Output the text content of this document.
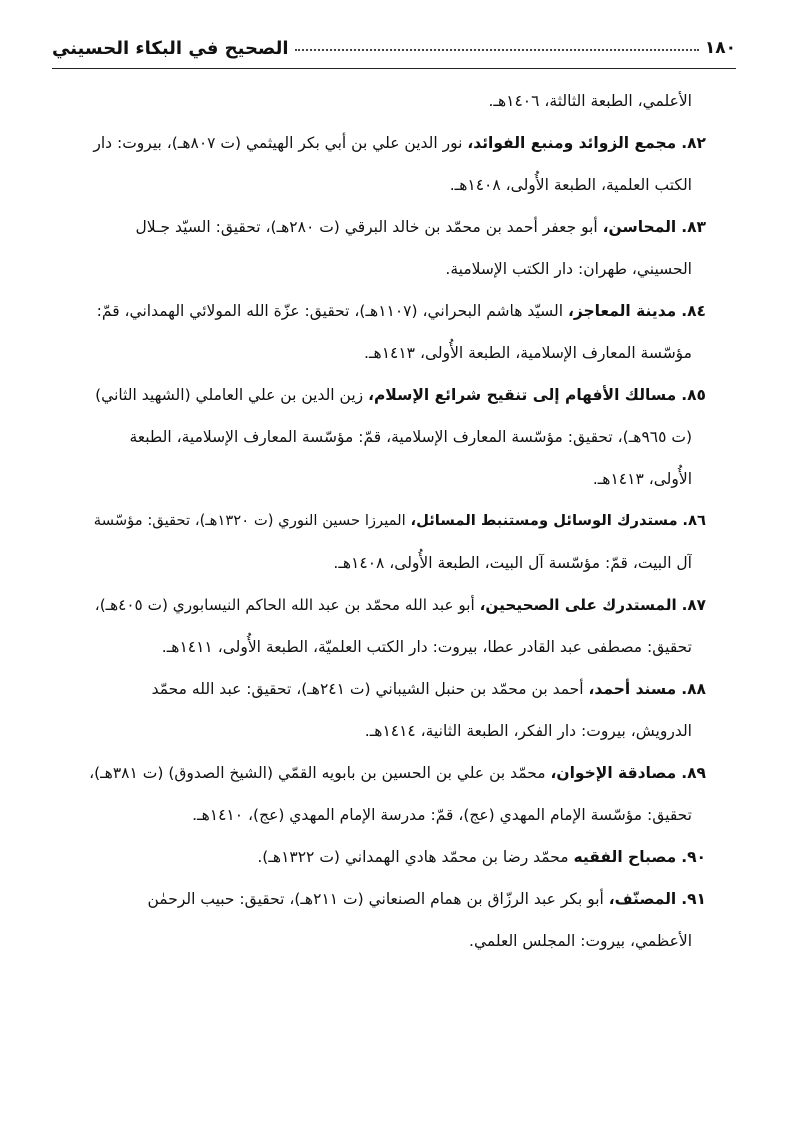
١٨٠
الصحيح في البكاء الحسيني
الأعلمي، الطبعة الثالثة، ١٤٠٦هـ.
٨٢. مجمع الزوائد ومنبع الفوائد، نور الدين علي بن أبي بكر الهيثمي (ت ٨٠٧هـ)، بيروت: دار
الكتب العلمية، الطبعة الأُولى، ١٤٠٨هـ.
٨٣. المحاسن، أبو جعفر أحمد بن محمّد بن خالد البرقي (ت ٢٨٠هـ)، تحقيق: السيّد جـلال
الحسيني، طهران: دار الكتب الإسلامية.
٨٤. مدينة المعاجز، السيّد هاشم البحراني، (١١٠٧هـ)، تحقيق: عزّة الله المولائي الهمداني، قمّ:
مؤسّسة المعارف الإسلامية، الطبعة الأُولى، ١٤١٣هـ.
٨٥. مسالك الأفهام إلى تنقيح شرائع الإسلام، زين الدين بن علي العاملي (الشهيد الثاني)
(ت ٩٦٥هـ)، تحقيق: مؤسّسة المعارف الإسلامية، قمّ: مؤسّسة المعارف الإسلامية، الطبعة
الأُولى، ١٤١٣هـ.
٨٦. مستدرك الوسائل ومستنبط المسائل، الميرزا حسين النوري (ت ١٣٢٠هـ)، تحقيق: مؤسّسة
آل البيت، قمّ: مؤسّسة آل البيت، الطبعة الأُولى، ١٤٠٨هـ.
٨٧. المستدرك على الصحيحين، أبو عبد الله محمّد بن عبد الله الحاكم النيسابوري (ت ٤٠٥هـ)،
تحقيق: مصطفى عبد القادر عطا، بيروت: دار الكتب العلميّة، الطبعة الأُولى، ١٤١١هـ.
٨٨. مسند أحمد، أحمد بن محمّد بن حنبل الشيباني (ت ٢٤١هـ)، تحقيق: عبد الله محمّد
الدرويش، بيروت: دار الفكر، الطبعة الثانية، ١٤١٤هـ.
٨٩. مصادقة الإخوان، محمّد بن علي بن الحسين بن بابويه القمّي (الشيخ الصدوق) (ت ٣٨١هـ)،
تحقيق: مؤسّسة الإمام المهدي (عج)، قمّ: مدرسة الإمام المهدي (عج)، ١٤١٠هـ.
٩٠. مصباح الفقيه محمّد رضا بن محمّد هادي الهمداني (ت ١٣٢٢هـ).
٩١. المصنّف، أبو بكر عبد الرزّاق بن همام الصنعاني (ت ٢١١هـ)، تحقيق: حبيب الرحمٰن
الأعظمي، بيروت: المجلس العلمي.
